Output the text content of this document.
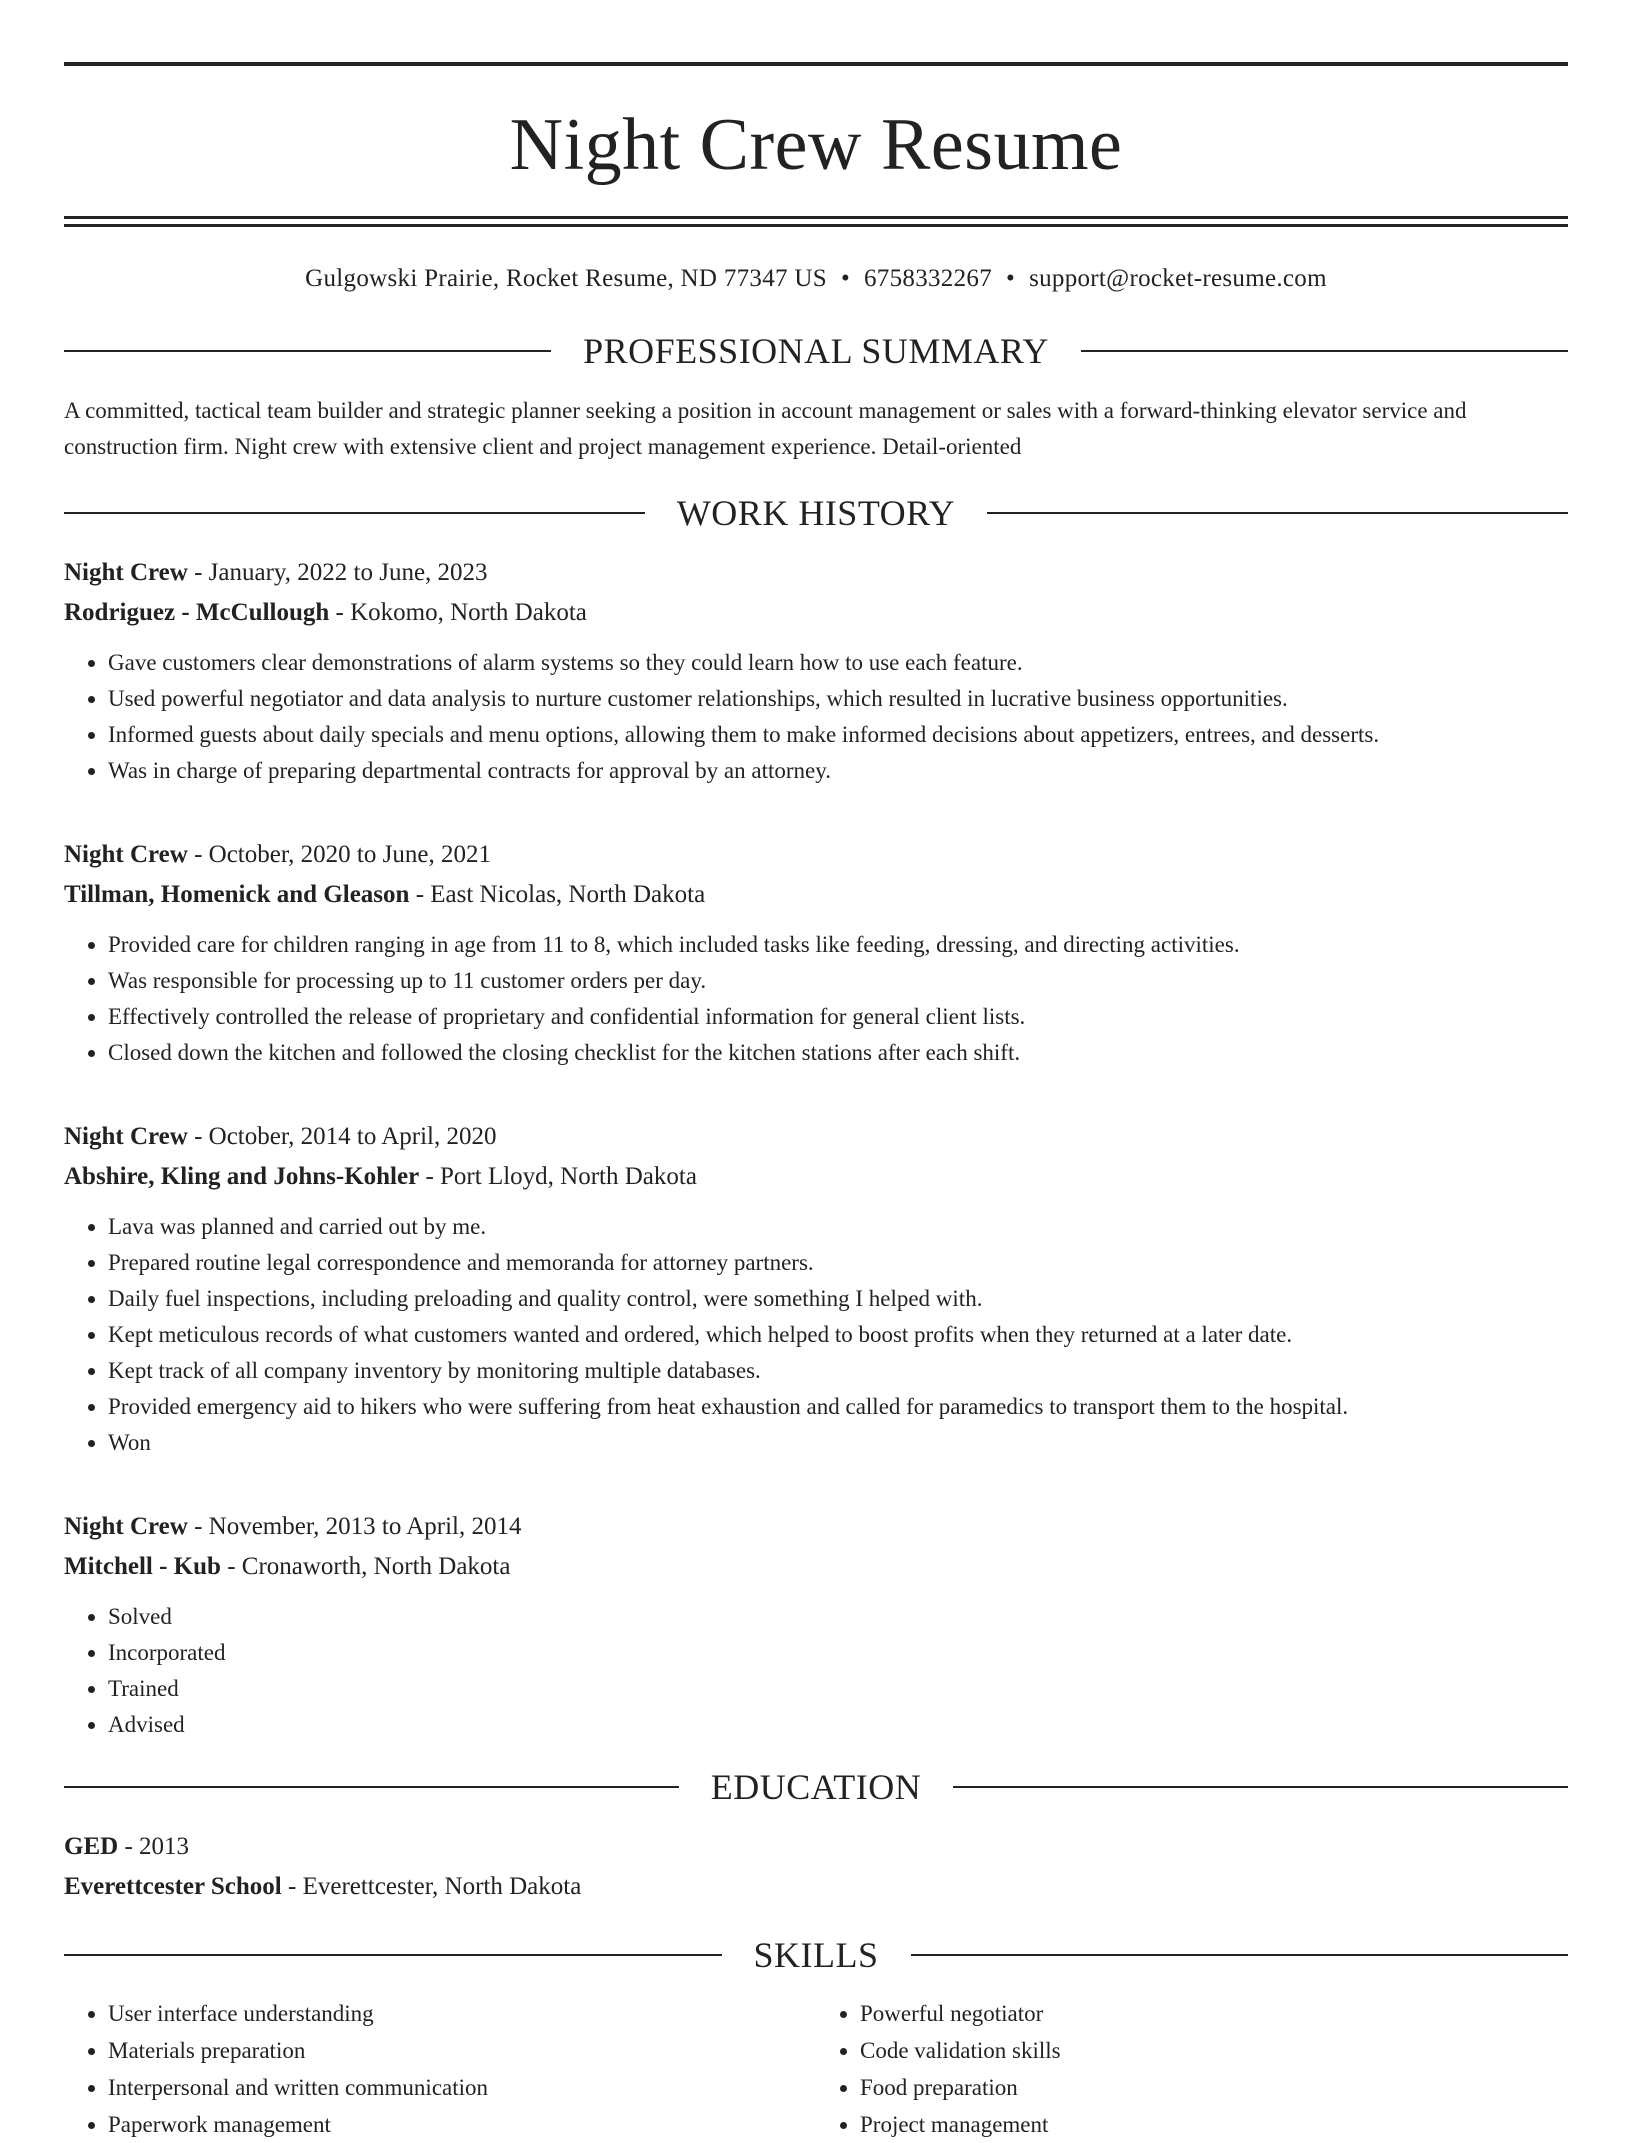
Night Crew Resume
Gulgowski Prairie, Rocket Resume, ND 77347 US • 6758332267 • support@rocket-resume.com
PROFESSIONAL SUMMARY
A committed, tactical team builder and strategic planner seeking a position in account management or sales with a forward-thinking elevator service and construction firm. Night crew with extensive client and project management experience. Detail-oriented
WORK HISTORY
Night Crew - January, 2022 to June, 2023
Rodriguez - McCullough - Kokomo, North Dakota
• Gave customers clear demonstrations of alarm systems so they could learn how to use each feature.
• Used powerful negotiator and data analysis to nurture customer relationships, which resulted in lucrative business opportunities.
• Informed guests about daily specials and menu options, allowing them to make informed decisions about appetizers, entrees, and desserts.
• Was in charge of preparing departmental contracts for approval by an attorney.
Night Crew - October, 2020 to June, 2021
Tillman, Homenick and Gleason - East Nicolas, North Dakota
• Provided care for children ranging in age from 11 to 8, which included tasks like feeding, dressing, and directing activities.
• Was responsible for processing up to 11 customer orders per day.
• Effectively controlled the release of proprietary and confidential information for general client lists.
• Closed down the kitchen and followed the closing checklist for the kitchen stations after each shift.
Night Crew - October, 2014 to April, 2020
Abshire, Kling and Johns-Kohler - Port Lloyd, North Dakota
• Lava was planned and carried out by me.
• Prepared routine legal correspondence and memoranda for attorney partners.
• Daily fuel inspections, including preloading and quality control, were something I helped with.
• Kept meticulous records of what customers wanted and ordered, which helped to boost profits when they returned at a later date.
• Kept track of all company inventory by monitoring multiple databases.
• Provided emergency aid to hikers who were suffering from heat exhaustion and called for paramedics to transport them to the hospital.
• Won
Night Crew - November, 2013 to April, 2014
Mitchell - Kub - Cronaworth, North Dakota
• Solved
• Incorporated
• Trained
• Advised
EDUCATION
GED - 2013
Everettcester School - Everettcester, North Dakota
SKILLS
• User interface understanding
• Materials preparation
• Interpersonal and written communication
• Paperwork management
• Powerful negotiator
• Code validation skills
• Food preparation
• Project management
